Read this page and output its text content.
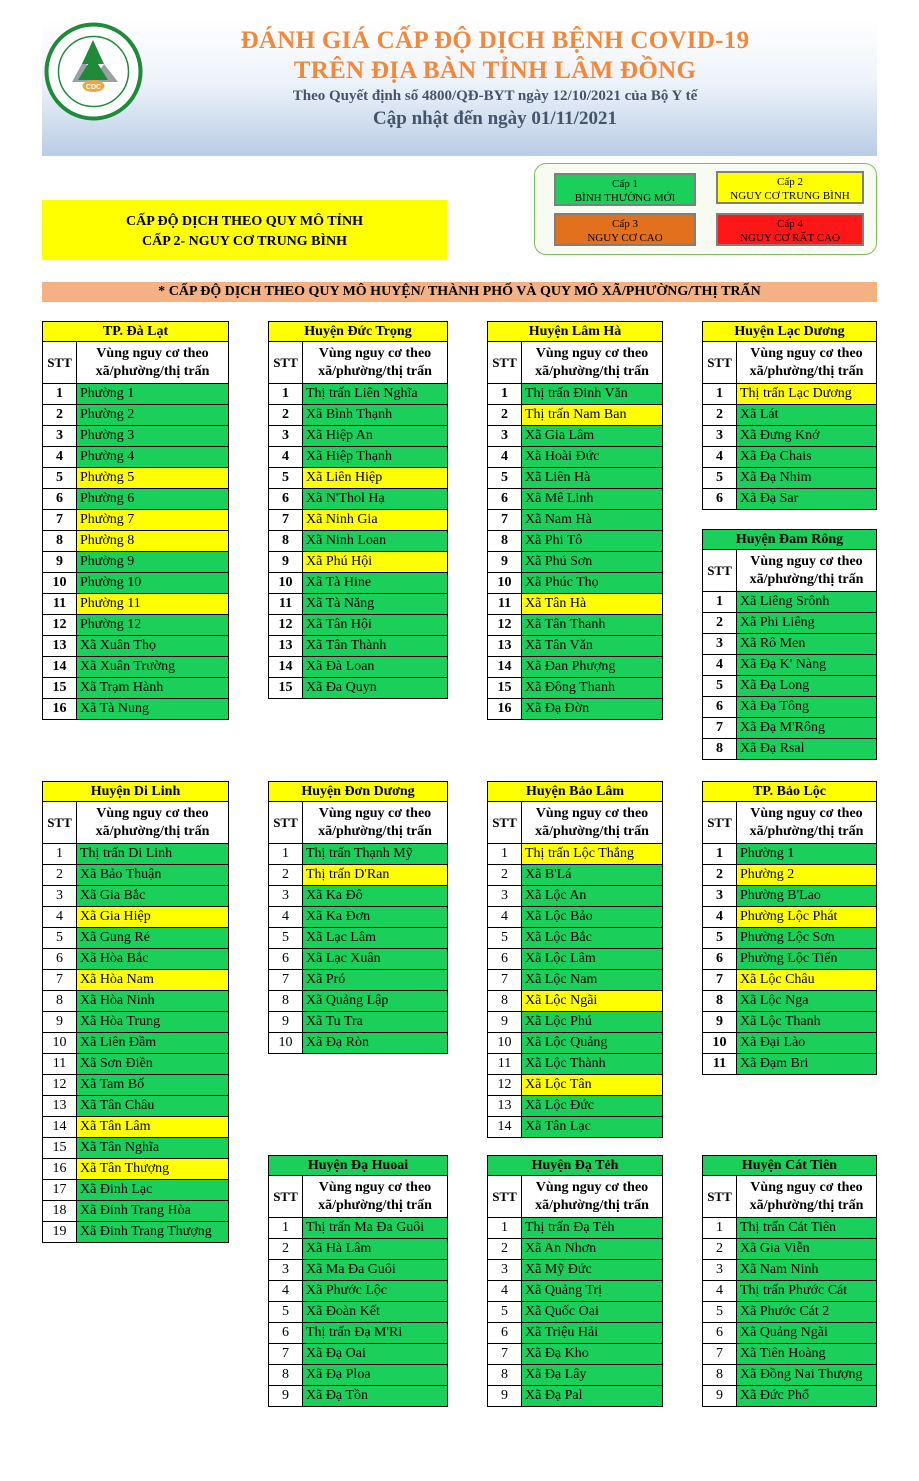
CDC
ĐÁNH GIÁ CẤP ĐỘ DỊCH BỆNH COVID-19
TRÊN ĐỊA BÀN TỈNH LÂM ĐỒNG
Theo Quyết định số 4800/QĐ-BYT ngày 12/10/2021 của Bộ Y tế
Cập nhật đến ngày 01/11/2021
Cấp 1
BÌNH THƯỜNG MỚI
Cấp 2
NGUY CƠ TRUNG BÌNH
Cấp 3
NGUY CƠ CAO
Cấp 4
NGUY CƠ RẤT CAO
CẤP ĐỘ DỊCH THEO QUY MÔ TỈNH
CẤP 2- NGUY CƠ TRUNG BÌNH
* CẤP ĐỘ DỊCH THEO QUY MÔ HUYỆN/ THÀNH PHỐ VÀ QUY MÔ XÃ/PHƯỜNG/THỊ TRẤN
TP. Đà Lạt
STT
Vùng nguy cơ theo
xã/phường/thị trấn
1	Phường 1
2	Phường 2
3	Phường 3
4	Phường 4
5	Phường 5
6	Phường 6
7	Phường 7
8	Phường 8
9	Phường 9
10 Phường 10
11 Phường 11
12 Phường 12
13 Xã Xuân Thọ
14 Xã Xuân Trường
15 Xã Trạm Hành
16 Xã Tà Nung
Huyện Đức Trọng
STT
Vùng nguy cơ theo
xã/phường/thị trấn
1	Thị trấn Liên Nghĩa
2	Xã Bình Thạnh
3	Xã Hiệp An
4	Xã Hiệp Thạnh
5	Xã Liên Hiệp
6	Xã N'Thol Hạ
7	Xã Ninh Gia
8	Xã Ninh Loan
9	Xã Phú Hội
10 Xã Tà Hine
11 Xã Tà Năng
12 Xã Tân Hội
13 Xã Tân Thành
14 Xã Đà Loan
15 Xã Đa Quyn
Huyện Lâm Hà
STT
Vùng nguy cơ theo
xã/phường/thị trấn
1	Thị trấn Đinh Văn
2	Thị trấn Nam Ban
3	Xã Gia Lâm
4	Xã Hoài Đức
5	Xã Liên Hà
6	Xã Mê Linh
7	Xã Nam Hà
8	Xã Phi Tô
9	Xã Phú Sơn
10 Xã Phúc Thọ
11 Xã Tân Hà
12 Xã Tân Thanh
13 Xã Tân Văn
14 Xã Đan Phượng
15 Xã Đông Thanh
16 Xã Đạ Đờn
Huyện Lạc Dương
STT
Vùng nguy cơ theo
xã/phường/thị trấn
1	Thị trấn Lạc Dương
2	Xã Lát
3	Xã Đưng Knớ
4	Xã Đạ Chais
5	Xã Đạ Nhim
6	Xã Đạ Sar
Huyện Đam Rông
STT
Vùng nguy cơ theo
xã/phường/thị trấn
1	Xã Liêng Srônh
2	Xã Phi Liêng
3	Xã Rô Men
4	Xã Đạ K' Nàng
5	Xã Đạ Long
6	Xã Đạ Tông
7	Xã Đạ M'Rông
8	Xã Đạ Rsal
Huyện Di Linh
STT
Vùng nguy cơ theo
xã/phường/thị trấn
1	Thị trấn Di Linh
2	Xã Bảo Thuận
3	Xã Gia Bắc
4	Xã Gia Hiệp
5	Xã Gung Ré
6	Xã Hòa Bắc
7	Xã Hòa Nam
8	Xã Hòa Ninh
9	Xã Hòa Trung
10 Xã Liên Đầm
11 Xã Sơn Điền
12 Xã Tam Bố
13 Xã Tân Châu
14 Xã Tân Lâm
15 Xã Tân Nghĩa
16 Xã Tân Thượng
17 Xã Đinh Lạc
18 Xã Đinh Trang Hòa
19 Xã Đinh Trang Thượng
Huyện Đơn Dương
STT
Vùng nguy cơ theo
xã/phường/thị trấn
1	Thị trấn Thạnh Mỹ
2	Thị trấn D'Ran
3	Xã Ka Đô
4	Xã Ka Đơn
5	Xã Lạc Lâm
6	Xã Lạc Xuân
7	Xã Pró
8	Xã Quảng Lập
9	Xã Tu Tra
10 Xã Đạ Ròn
Huyện Bảo Lâm
STT
Vùng nguy cơ theo
xã/phường/thị trấn
1	Thị trấn Lộc Thắng
2	Xã B'Lá
3	Xã Lộc An
4	Xã Lộc Bảo
5	Xã Lộc Bắc
6	Xã Lộc Lâm
7	Xã Lộc Nam
8	Xã Lộc Ngãi
9	Xã Lộc Phú
10 Xã Lộc Quảng
11 Xã Lộc Thành
12 Xã Lộc Tân
13 Xã Lộc Đức
14 Xã Tân Lạc
TP. Bảo Lộc
STT
Vùng nguy cơ theo
xã/phường/thị trấn
1	Phường 1
2	Phường 2
3	Phường B'Lao
4	Phường Lộc Phát
5	Phường Lộc Sơn
6	Phường Lộc Tiến
7	Xã Lộc Châu
8	Xã Lộc Nga
9	Xã Lộc Thanh
10 Xã Đại Lào
11 Xã Đạm Bri
Huyện Đạ Huoai
STT
Vùng nguy cơ theo
xã/phường/thị trấn
1	Thị trấn Ma Đa Guôi
2	Xã Hà Lâm
3	Xã Ma Đa Guôi
4	Xã Phước Lộc
5	Xã Đoàn Kết
6	Thị trấn Đạ M'Ri
7	Xã Đạ Oai
8	Xã Đạ Ploa
9	Xã Đạ Tồn
Huyện Đạ Tẻh
STT
Vùng nguy cơ theo
xã/phường/thị trấn
1	Thị trấn Đạ Tẻh
2	Xã An Nhơn
3	Xã Mỹ Đức
4	Xã Quảng Trị
5	Xã Quốc Oai
6	Xã Triệu Hải
7	Xã Đạ Kho
8	Xã Đạ Lây
9	Xã Đạ Pal
Huyện Cát Tiên
STT
Vùng nguy cơ theo
xã/phường/thị trấn
1	Thị trấn Cát Tiên
2	Xã Gia Viễn
3	Xã Nam Ninh
4	Thị trấn Phước Cát
5	Xã Phước Cát 2
6	Xã Quảng Ngãi
7	Xã Tiên Hoàng
8	Xã Đồng Nai Thượng
9	Xã Đức Phổ
